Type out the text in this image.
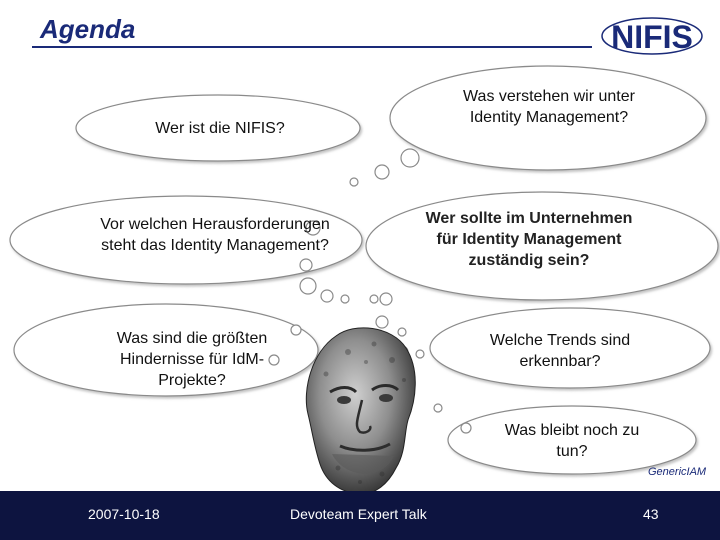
Agenda	NIFIS
Wer ist die NIFIS?
Was verstehen wir unter Identity Management?
Vor welchen Herausforderungen steht das Identity Management?
Wer sollte im Unternehmen für Identity Management zuständig sein?
Was sind die größten Hindernisse für IdM-Projekte?
Welche Trends sind erkennbar?
Was bleibt noch zu tun?
GenericIAM
2007-10-18	Devoteam Expert Talk	43
